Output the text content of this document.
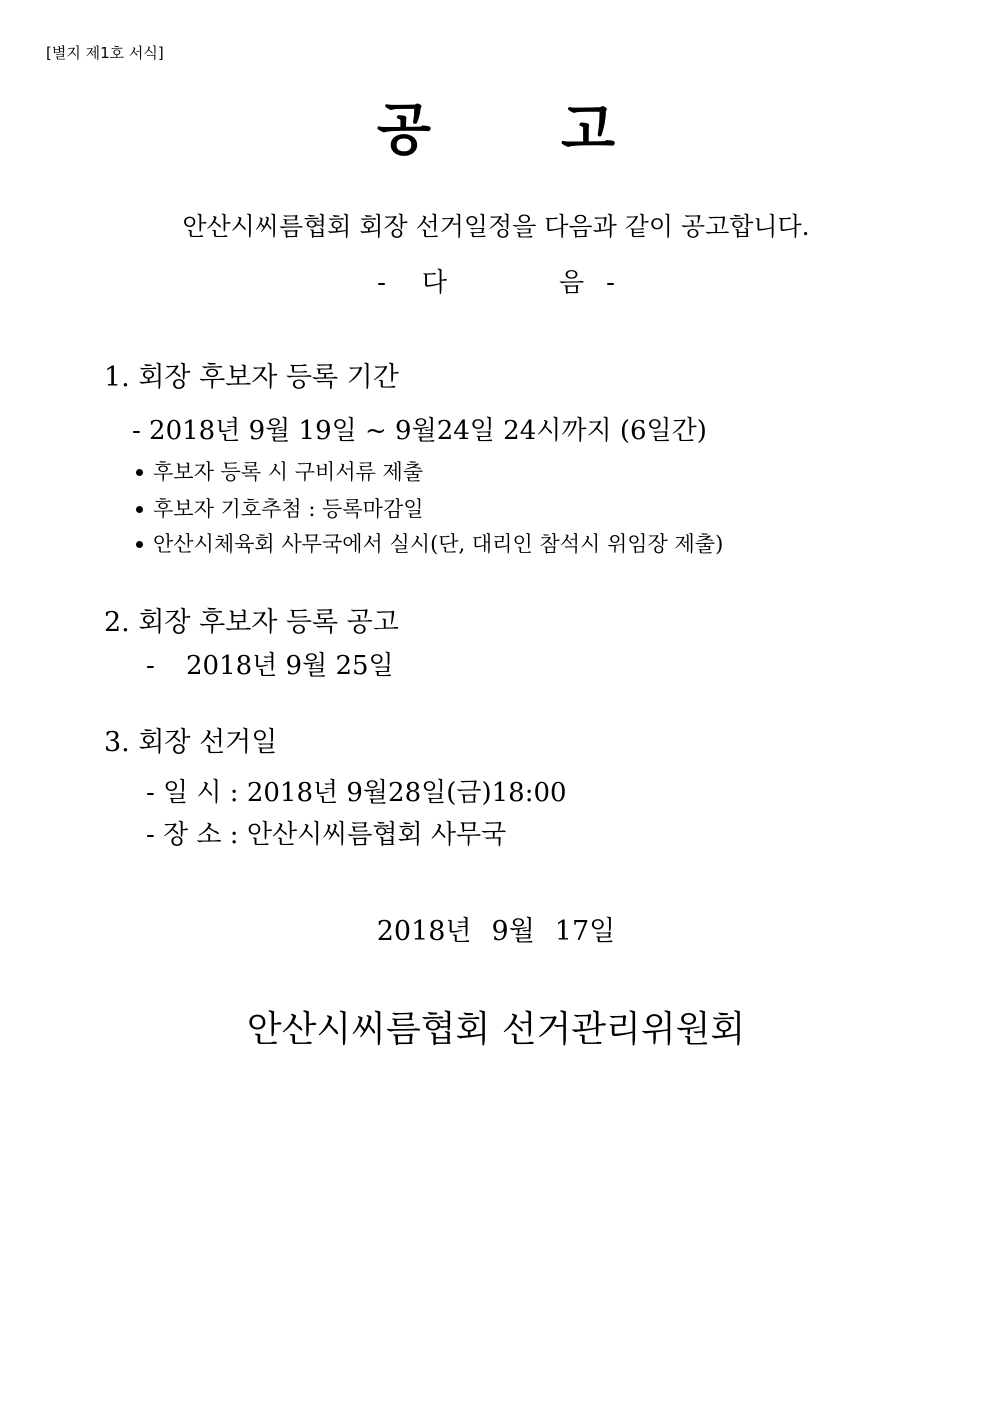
[별지 제1호 서식]
공 고
안산시씨름협회 회장 선거일정을 다음과 같이 공고합니다.
- 다	음 -
1. 회장 후보자 등록 기간
- 2018년 9월 19일 ~ 9월24일 24시까지 (6일간)
후보자 등록 시 구비서류 제출
후보자 기호추첨 : 등록마감일
안산시체육회 사무국에서 실시(단, 대리인 참석시 위임장 제출)
2. 회장 후보자 등록 공고
- 2018년 9월 25일
3. 회장 선거일
- 일 시 : 2018년 9월28일(금)18:00
- 장 소 : 안산시씨름협회 사무국
2018년 9월 17일
안산시씨름협회 선거관리위원회
